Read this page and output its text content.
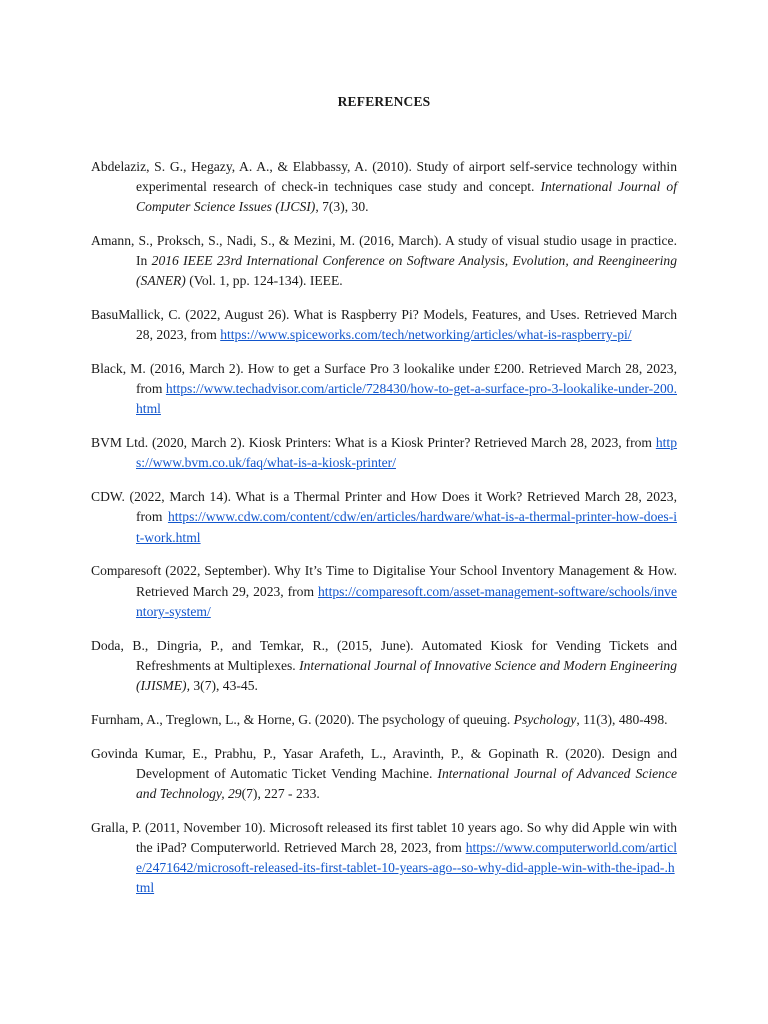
REFERENCES

Abdelaziz, S. G., Hegazy, A. A., & Elabbassy, A. (2010). Study of airport self-service technology within experimental research of check-in techniques case study and concept. International Journal of Computer Science Issues (IJCSI), 7(3), 30.

Amann, S., Proksch, S., Nadi, S., & Mezini, M. (2016, March). A study of visual studio usage in practice. In 2016 IEEE 23rd International Conference on Software Analysis, Evolution, and Reengineering (SANER) (Vol. 1, pp. 124-134). IEEE.

BasuMallick, C. (2022, August 26). What is Raspberry Pi? Models, Features, and Uses. Retrieved March 28, 2023, from https://www.spiceworks.com/tech/networking/articles/what-is-raspberry-pi/

Black, M. (2016, March 2). How to get a Surface Pro 3 lookalike under £200. Retrieved March 28, 2023, from https://www.techadvisor.com/article/728430/how-to-get-a-surface-pro-3-lookalike-under-200.html

BVM Ltd. (2020, March 2). Kiosk Printers: What is a Kiosk Printer? Retrieved March 28, 2023, from https://www.bvm.co.uk/faq/what-is-a-kiosk-printer/

CDW. (2022, March 14). What is a Thermal Printer and How Does it Work? Retrieved March 28, 2023, from https://www.cdw.com/content/cdw/en/articles/hardware/what-is-a-thermal-printer-how-does-it-work.html

Comparesoft (2022, September). Why It’s Time to Digitalise Your School Inventory Management & How. Retrieved March 29, 2023, from https://comparesoft.com/asset-management-software/schools/inventory-system/

Doda, B., Dingria, P., and Temkar, R., (2015, June). Automated Kiosk for Vending Tickets and Refreshments at Multiplexes. International Journal of Innovative Science and Modern Engineering (IJISME), 3(7), 43-45.

Furnham, A., Treglown, L., & Horne, G. (2020). The psychology of queuing. Psychology, 11(3), 480-498.

Govinda Kumar, E., Prabhu, P., Yasar Arafeth, L., Aravinth, P., & Gopinath R. (2020). Design and Development of Automatic Ticket Vending Machine. International Journal of Advanced Science and Technology, 29(7), 227 - 233.

Gralla, P. (2011, November 10). Microsoft released its first tablet 10 years ago. So why did Apple win with the iPad? Computerworld. Retrieved March 28, 2023, from https://www.computerworld.com/article/2471642/microsoft-released-its-first-tablet-10-years-ago--so-why-did-apple-win-with-the-ipad-.html
